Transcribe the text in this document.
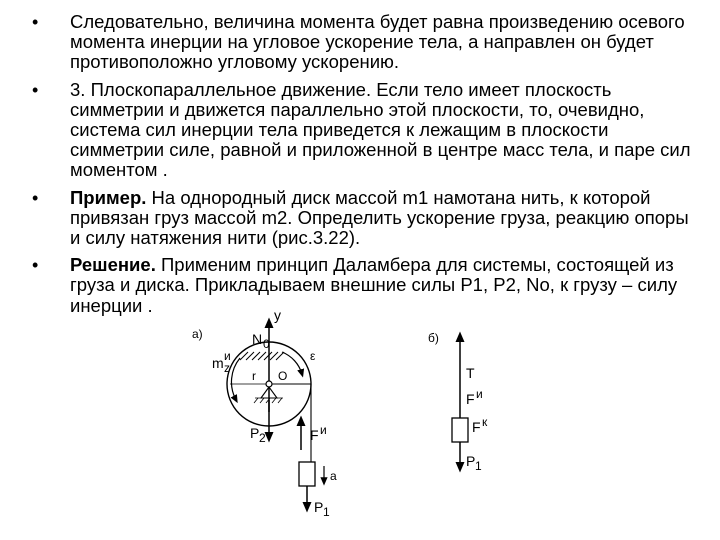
• Следовательно, величина момента будет равна произведению осевого момента инерции на угловое ускорение тела, а направлен он будет противоположно угловому ускорению.
• 3. Плоскопараллельное движение. Если тело имеет плоскость симметрии и движется параллельно этой плоскости, то, очевидно, система сил инерции тела приведется к лежащим в плоскости симметрии силе, равной и приложенной в центре масс тела, и паре сил моментом .
• Пример. На однородный диск массой m1 намотана нить, к которой привязан груз массой m2. Определить ускорение груза, реакцию опоры и силу натяжения нити (рис.3.22).
• Решение. Применим принцип Даламбера для системы, состоящей из груза и диска. Прикладываем внешние силы P1, P2, No, к грузу – силу инерции .
а)
y
N 0
ε
m z
и
r O
P 2	F и
a
P 1
б)
T
F и
F к
P 1
